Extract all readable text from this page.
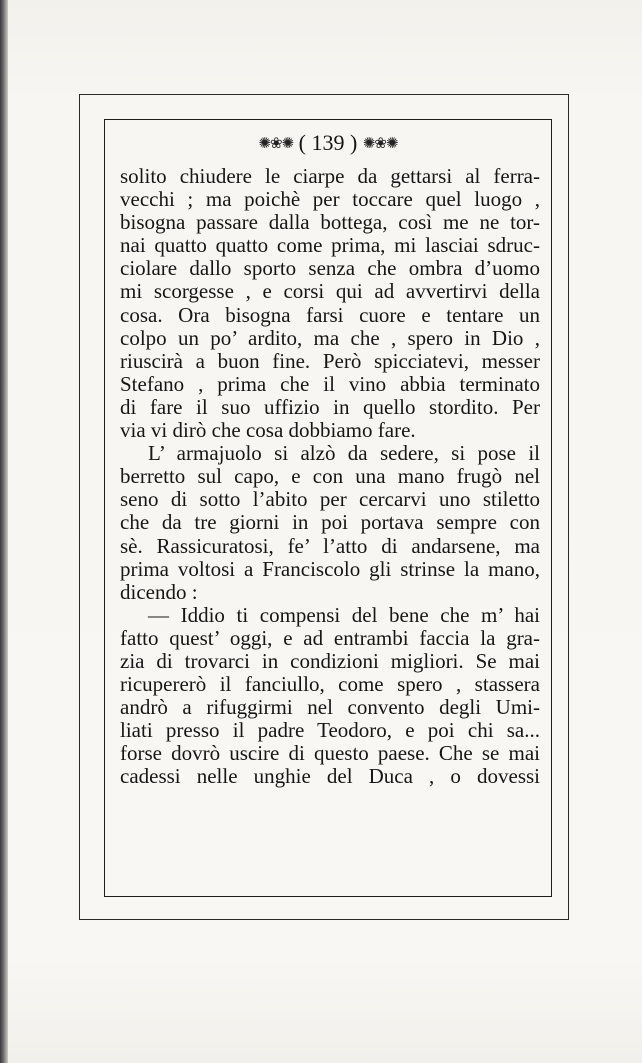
✺❀✺ ( 139 ) ✺❀✺
solito chiudere le ciarpe da gettarsi al ferra-
vecchi ; ma poichè per toccare quel luogo ,
bisogna passare dalla bottega, così me ne tor-
nai quatto quatto come prima, mi lasciai sdruc-
ciolare dallo sporto senza che ombra d’uomo
mi scorgesse , e corsi qui ad avvertirvi della
cosa. Ora bisogna farsi cuore e tentare un
colpo un po’ ardito, ma che , spero in Dio ,
riuscirà a buon fine. Però spicciatevi, messer
Stefano , prima che il vino abbia terminato
di fare il suo uffizio in quello stordito. Per
via vi dirò che cosa dobbiamo fare.
L’ armajuolo si alzò da sedere, si pose il
berretto sul capo, e con una mano frugò nel
seno di sotto l’abito per cercarvi uno stiletto
che da tre giorni in poi portava sempre con
sè. Rassicuratosi, fe’ l’atto di andarsene, ma
prima voltosi a Franciscolo gli strinse la mano,
dicendo :
— Iddio ti compensi del bene che m’ hai
fatto quest’ oggi, e ad entrambi faccia la gra-
zia di trovarci in condizioni migliori. Se mai
ricupererò il fanciullo, come spero , stassera
andrò a rifuggirmi nel convento degli Umi-
liati presso il padre Teodoro, e poi chi sa...
forse dovrò uscire di questo paese. Che se mai
cadessi nelle unghie del Duca , o dovessi
